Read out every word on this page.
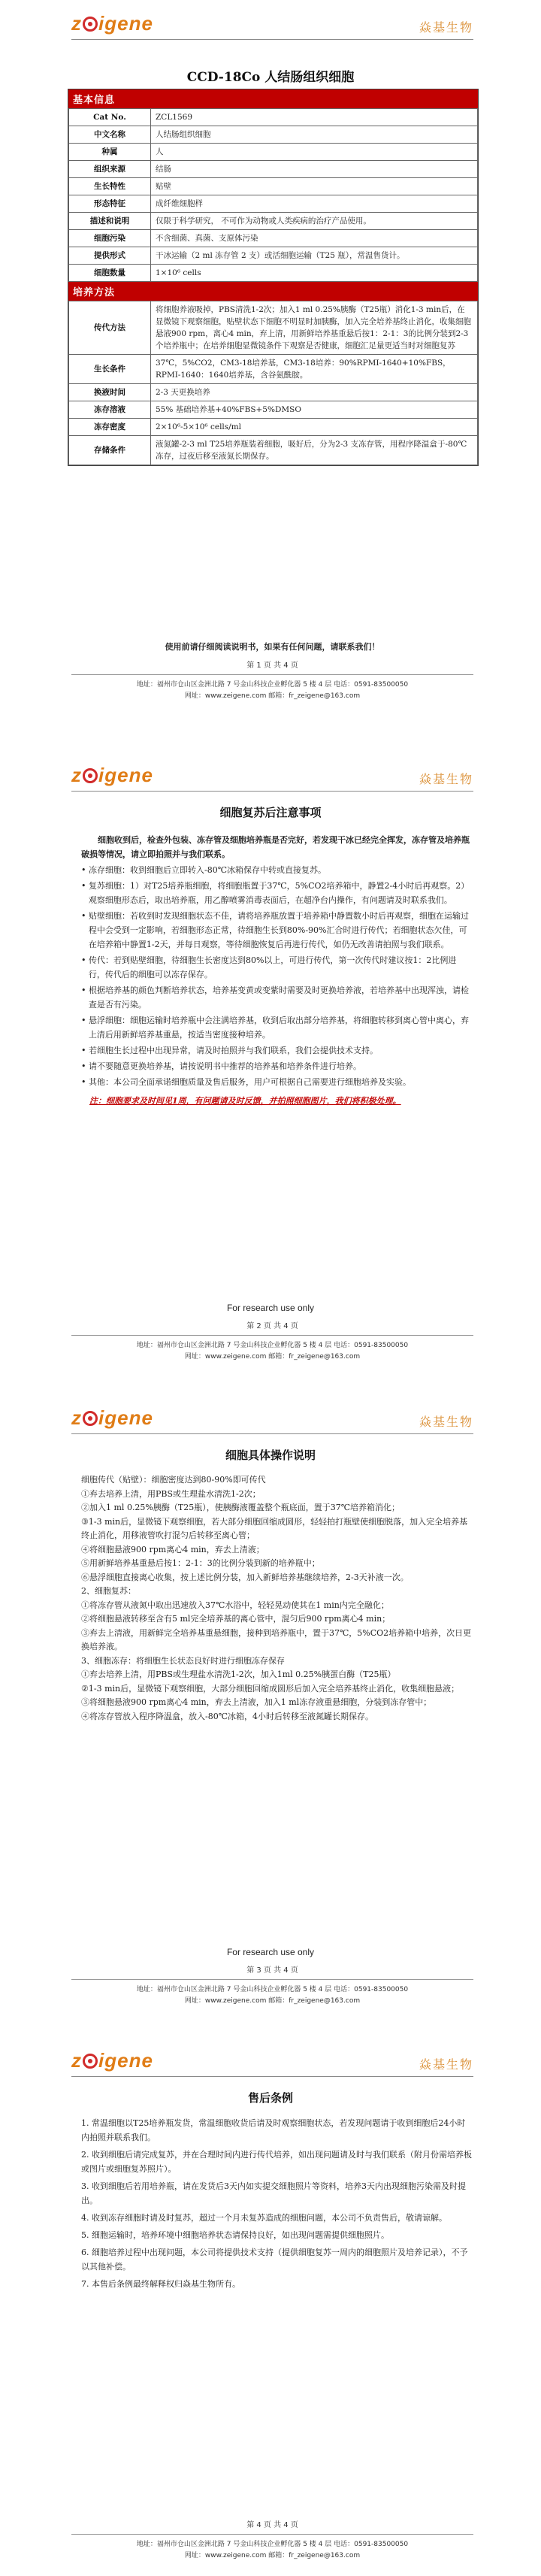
z igene	焱基生物
CCD-18Co 人结肠组织细胞
基本信息
Cat No.	ZCL1569
中文名称	人结肠组织细胞
种属	人
组织来源	结肠
生长特性	贴壁
形态特征	成纤维细胞样
描述和说明	仅限于科学研究， 不可作为动物或人类疾病的治疗产品使用。
细胞污染	不含细菌、真菌、支原体污染
提供形式	干冰运输（2 ml 冻存管 2 支）或活细胞运输（T25 瓶），常温售货计。
细胞数量	1×10⁶ cells
培养方法
传代方法	将细胞养液吸掉，PBS清洗1-2次；加入1 ml 0.25%胰酶（T25瓶）消化1-3 min后，在显微镜下观察细胞，贴壁状态下细胞不明显时加胰酶，加入完全培养基终止消化，收集细胞悬液900 rpm，离心4 min，弃上清，用新鲜培养基重悬后按1：2-1：3的比例分装到2-3个培养瓶中；在培养细胞显微镜条件下观察是否健康，细胞汇足量更适当时对细胞复苏
生长条件	37℃，5%CO2，CM3-18培养基，CM3-18培养：90%RPMI-1640+10%FBS，RPMI-1640：1640培养基，含谷氨酰胺。
换液时间	2-3 天更换培养
冻存溶液	55% 基础培养基+40%FBS+5%DMSO
冻存密度	2×10⁶-5×10⁶ cells/ml
存储条件	液氮罐-2-3 ml T25培养瓶装着细胞，吸好后，分为2-3 支冻存管，用程序降温盒于-80℃冻存，过夜后移至液氮长期保存。
使用前请仔细阅读说明书，如果有任何问题，请联系我们！
第 1 页 共 4 页
地址：福州市仓山区金洲北路 7 号金山科技企业孵化器 5 楼 4 层 电话：0591-83500050
网址：www.zeigene.com 邮箱：fr_zeigene@163.com
z igene	焱基生物
细胞复苏后注意事项
For research use only
第 2 页 共 4 页
地址：福州市仓山区金洲北路 7 号金山科技企业孵化器 5 楼 4 层 电话：0591-83500050
网址：www.zeigene.com 邮箱：fr_zeigene@163.com

细胞收到后，检查外包装、冻存管及细胞培养瓶是否完好，若发现干冰已经完全挥发，冻存管及培养瓶破损等情况，请立即拍照并与我们联系。

• 冻存细胞：收到细胞后立即转入-80℃冰箱保存中转或直接复苏。

• 复苏细胞：1）对T25培养瓶细胞，将细胞瓶置于37℃，5%CO2培养箱中，静置2-4小时后再观察。2）观察细胞形态后，取出培养瓶，用乙醇喷雾消毒表面后，在超净台内操作，有问题请及时联系我们。

• 贴壁细胞：若收到时发现细胞状态不佳，请将培养瓶放置于培养箱中静置数小时后再观察，细胞在运输过程中会受到一定影响，若细胞形态正常，待细胞生长到80%-90%汇合时进行传代；若细胞状态欠佳，可在培养箱中静置1-2天，并每日观察，等待细胞恢复后再进行传代，如仍无改善请拍照与我们联系。

• 传代：若到贴壁细胞，待细胞生长密度达到80%以上，可进行传代，第一次传代时建议按1：2比例进行，传代后的细胞可以冻存保存。

• 根据培养基的颜色判断培养状态，培养基变黄或变紫时需要及时更换培养液，若培养基中出现浑浊，请检查是否有污染。

• 悬浮细胞：细胞运输时培养瓶中会注满培养基，收到后取出部分培养基，将细胞转移到离心管中离心，弃上清后用新鲜培养基重悬，按适当密度接种培养。

• 若细胞生长过程中出现异常，请及时拍照并与我们联系，我们会提供技术支持。

• 请不要随意更换培养基，请按说明书中推荐的培养基和培养条件进行培养。

• 其他：本公司全面承诺细胞质量及售后服务，用户可根据自己需要进行细胞培养及实验。

注：细胞要求及时间见1周，有问题请及时反馈，并拍照细胞图片，我们将积极处理。

z igene	焱基生物
细胞具体操作说明
For research use only
第 3 页 共 4 页
地址：福州市仓山区金洲北路 7 号金山科技企业孵化器 5 楼 4 层 电话：0591-83500050
网址：www.zeigene.com 邮箱：fr_zeigene@163.com

细胞传代（贴壁）：细胞密度达到80-90%即可传代

①弃去培养上清，用PBS或生理盐水清洗1-2次；

②加入1 ml 0.25%胰酶（T25瓶），使胰酶液覆盖整个瓶底面，置于37℃培养箱消化；

③1-3 min后，显微镜下观察细胞，若大部分细胞回缩成圆形，轻轻拍打瓶壁使细胞脱落，加入完全培养基终止消化，用移液管吹打混匀后转移至离心管；

④将细胞悬液900 rpm离心4 min，弃去上清液；

⑤用新鲜培养基重悬后按1：2-1：3的比例分装到新的培养瓶中；

⑥悬浮细胞直接离心收集，按上述比例分装，加入新鲜培养基继续培养，2-3天补液一次。

2、细胞复苏：

①将冻存管从液氮中取出迅速放入37℃水浴中，轻轻晃动使其在1 min内完全融化；

②将细胞悬液转移至含有5 ml完全培养基的离心管中，混匀后900 rpm离心4 min；

③弃去上清液，用新鲜完全培养基重悬细胞，接种到培养瓶中，置于37℃，5%CO2培养箱中培养，次日更换培养液。

3、细胞冻存：将细胞生长状态良好时进行细胞冻存保存

①弃去培养上清，用PBS或生理盐水清洗1-2次，加入1ml 0.25%胰蛋白酶（T25瓶）

②1-3 min后，显微镜下观察细胞，大部分细胞回缩成圆形后加入完全培养基终止消化，收集细胞悬液；

③将细胞悬液900 rpm离心4 min，弃去上清液，加入1 ml冻存液重悬细胞，分装到冻存管中；

④将冻存管放入程序降温盒，放入-80℃冰箱，4小时后转移至液氮罐长期保存。

z igene	焱基生物
售后条例
第 4 页 共 4 页
地址：福州市仓山区金洲北路 7 号金山科技企业孵化器 5 楼 4 层 电话：0591-83500050
网址：www.zeigene.com 邮箱：fr_zeigene@163.com

1. 常温细胞以T25培养瓶发货，常温细胞收货后请及时观察细胞状态，若发现问题请于收到细胞后24小时内拍照并联系我们。

2. 收到细胞后请完成复苏，并在合理时间内进行传代培养，如出现问题请及时与我们联系（附月份需培养板或图片或细胞复苏照片）。

3. 收到细胞后若用培养瓶，请在发货后3天内如实提交细胞照片等资料，培养3天内出现细胞污染需及时提出。

4. 收到冻存细胞时请及时复苏，超过一个月未复苏造成的细胞问题，本公司不负责售后，敬请谅解。

5. 细胞运输时，培养环境中细胞培养状态请保持良好，如出现问题需提供细胞照片。

6. 细胞培养过程中出现问题，本公司将提供技术支持（提供细胞复苏一周内的细胞照片及培养记录），不予以其他补偿。

7. 本售后条例最终解释权归焱基生物所有。
